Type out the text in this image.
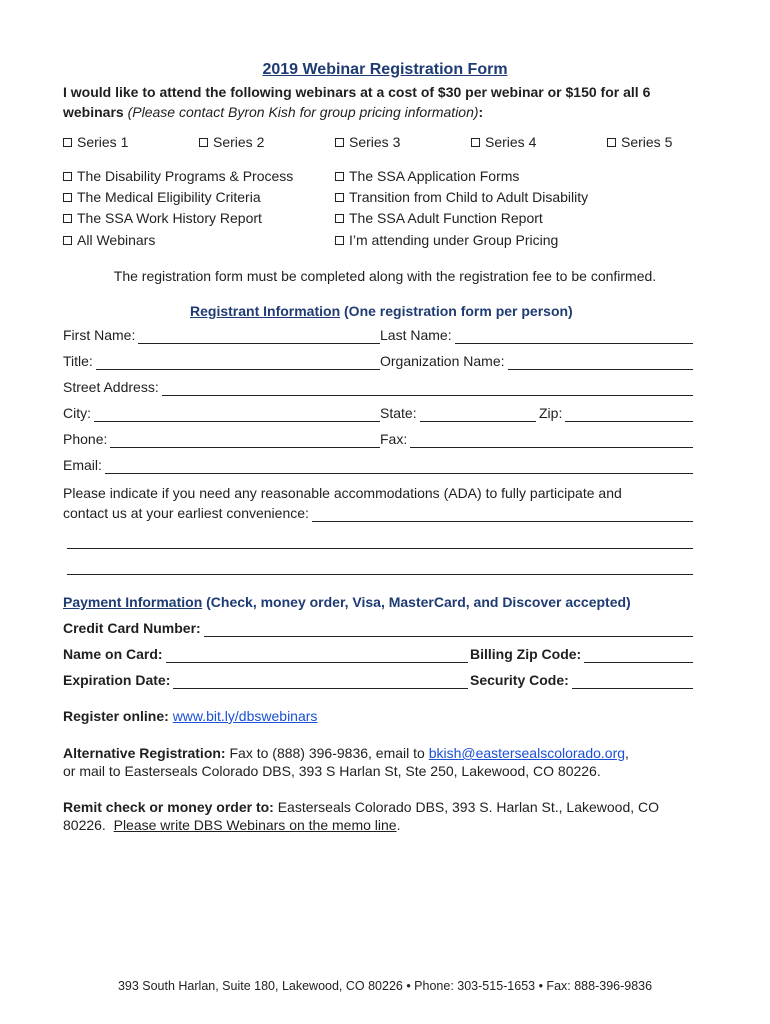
2019 Webinar Registration Form
I would like to attend the following webinars at a cost of $30 per webinar or $150 for all 6 webinars (Please contact Byron Kish for group pricing information):
Series 1	Series 2	Series 3	Series 4	Series 5
The Disability Programs & Process
The Medical Eligibility Criteria
The SSA Work History Report
All Webinars
The SSA Application Forms
Transition from Child to Adult Disability
The SSA Adult Function Report
I’m attending under Group Pricing
The registration form must be completed along with the registration fee to be confirmed.
Registrant Information (One registration form per person)
First Name:	Last Name:
Title:	Organization Name:
Street Address:
City:	State:	Zip:
Phone:	Fax:
Email:
Please indicate if you need any reasonable accommodations (ADA) to fully participate and
contact us at your earliest convenience:
Payment Information (Check, money order, Visa, MasterCard, and Discover accepted)
Credit Card Number:
Name on Card:	Billing Zip Code:
Expiration Date:	Security Code:
Register online: www.bit.ly/dbswebinars
Alternative Registration: Fax to (888) 396-9836, email to bkish@eastersealscolorado.org,
or mail to Easterseals Colorado DBS, 393 S Harlan St, Ste 250, Lakewood, CO 80226.
Remit check or money order to: Easterseals Colorado DBS, 393 S. Harlan St., Lakewood, CO
80226.  Please write DBS Webinars on the memo line.
393 South Harlan, Suite 180, Lakewood, CO 80226 • Phone: 303-515-1653 • Fax: 888-396-9836
